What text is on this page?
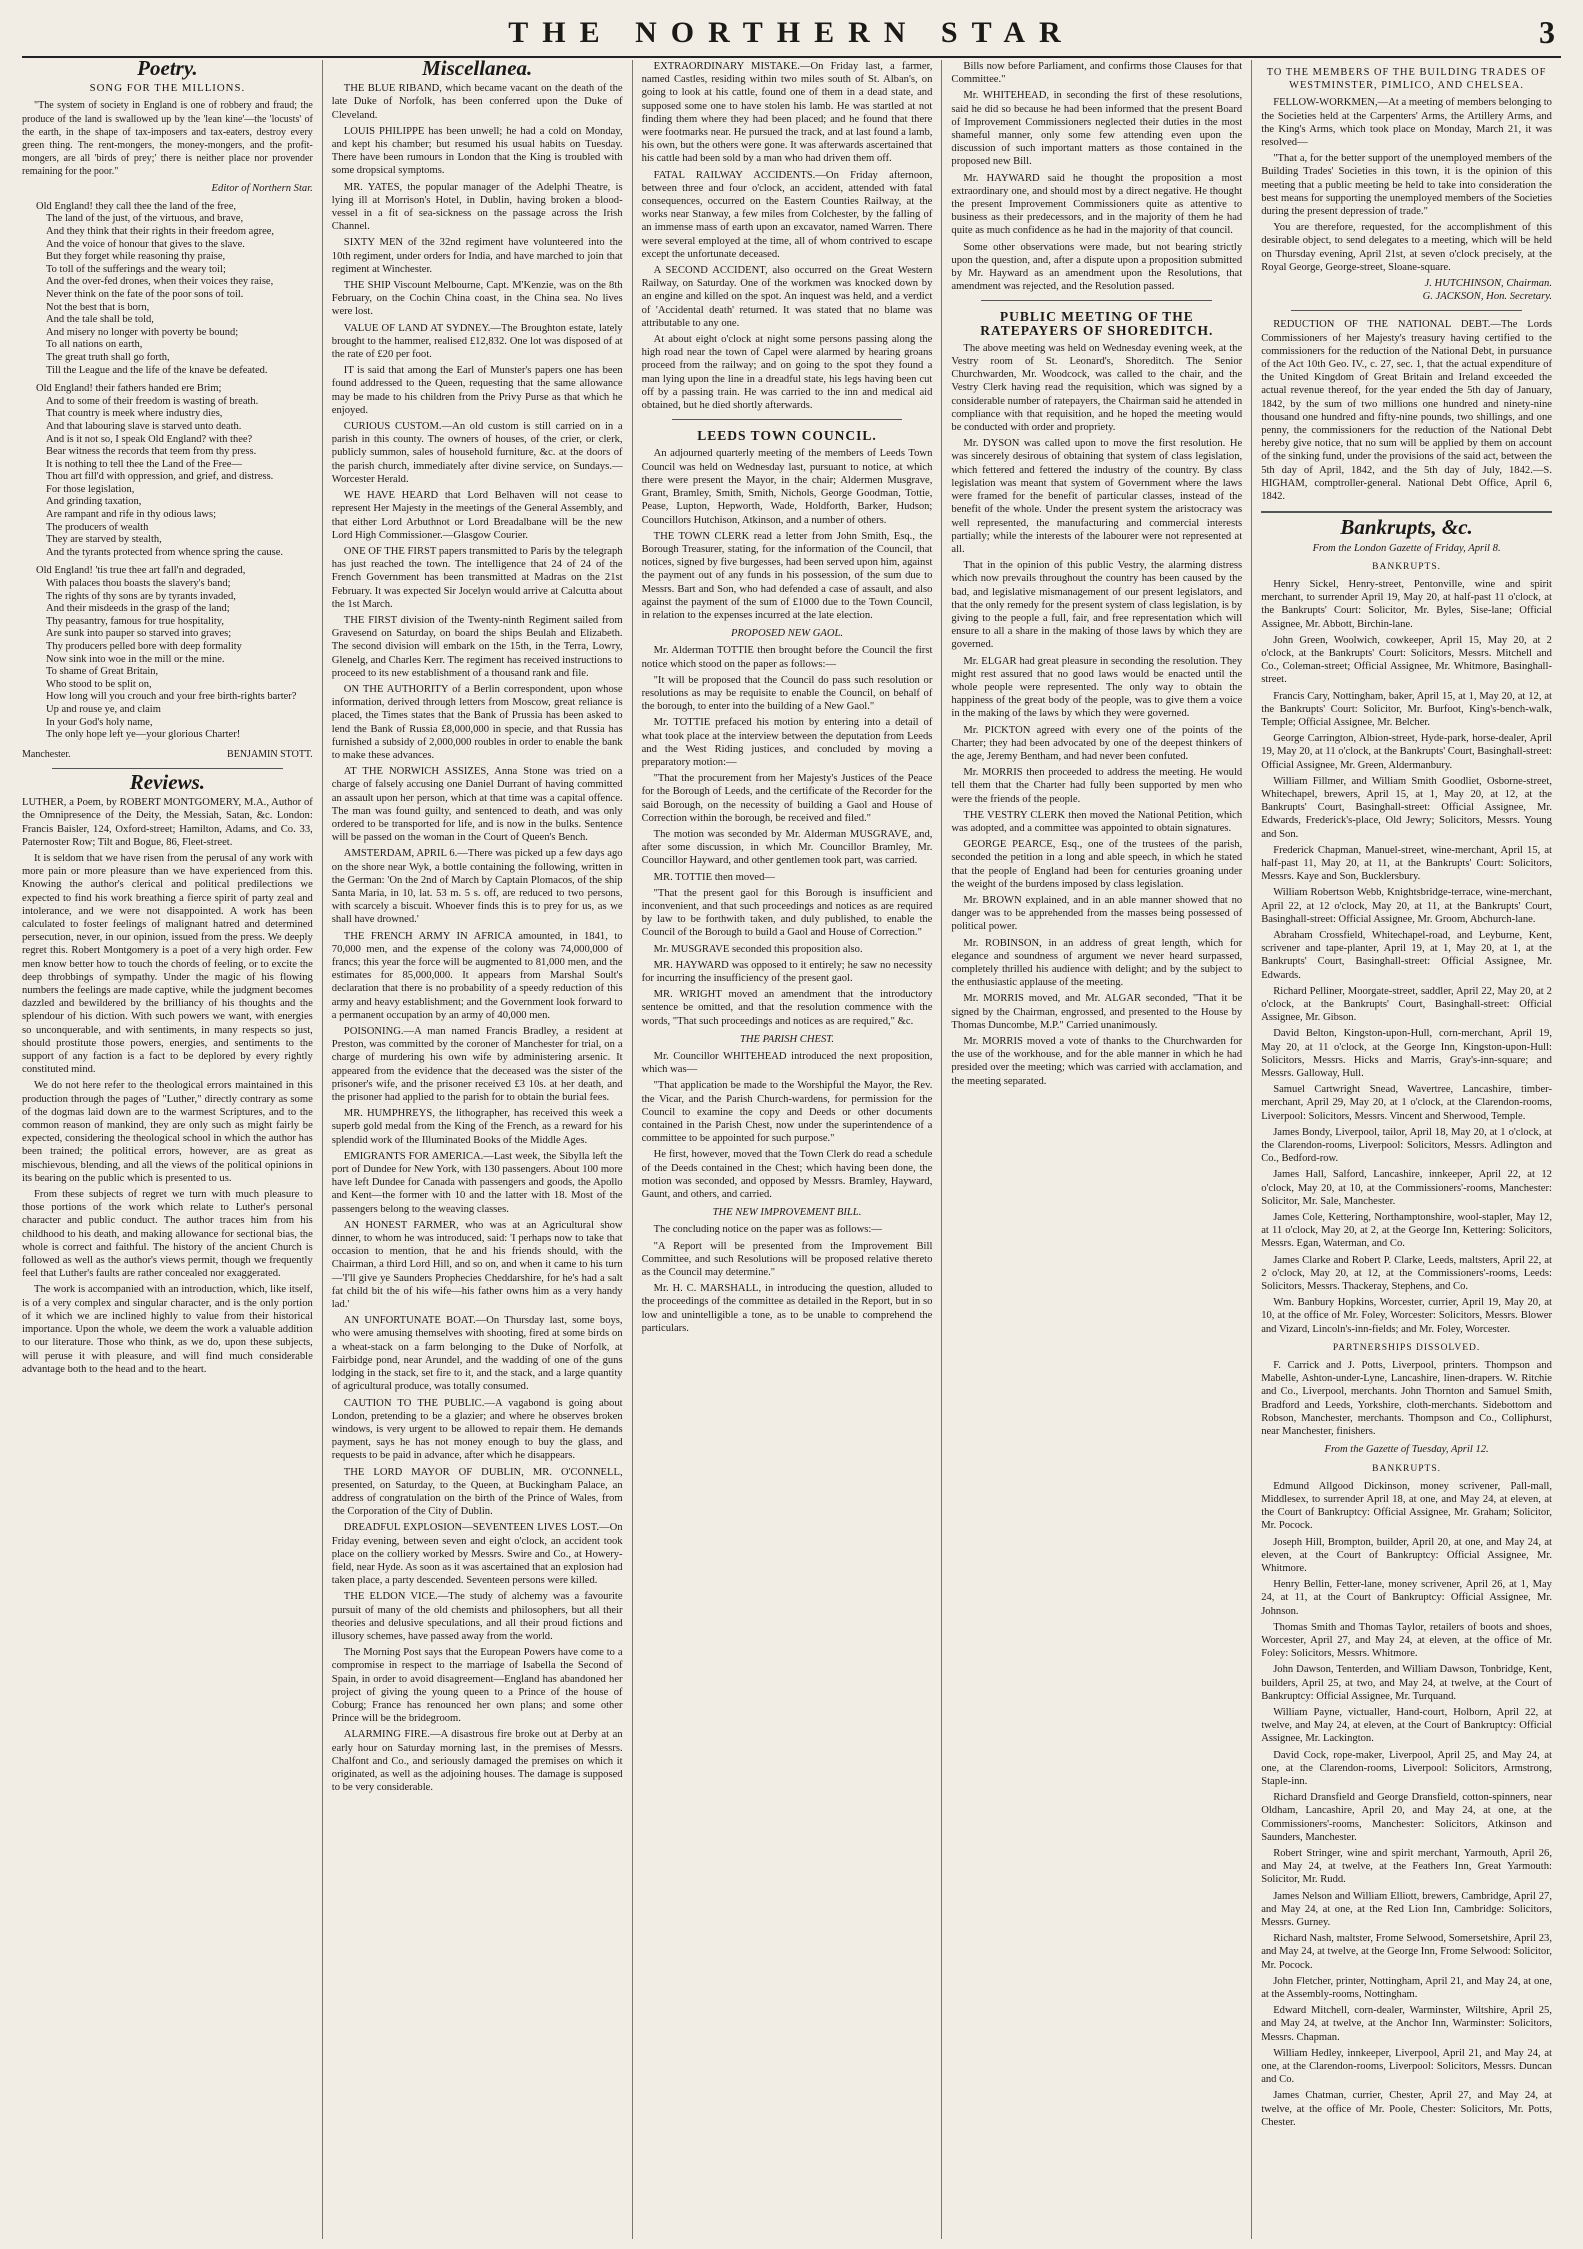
THE NORTHERN STAR	3
Poetry.
SONG FOR THE MILLIONS.

"The system of society in England is one of robbery and fraud; the produce of the land is swallowed up by the 'lean kine'—the 'locusts' of the earth, in the shape of tax-imposers and tax-eaters, destroy every green thing. The rent-mongers, the money-mongers, and the profit-mongers, are all 'birds of prey;' there is neither place nor provender remaining for the poor."

Editor of Northern Star.

Old England! they call thee the land of the free,
The land of the just, of the virtuous, and brave,
And they think that their rights in their freedom agree,
And the voice of honour that gives to the slave.
But they forget while reasoning thy praise,
To toll of the sufferings and the weary toil;
And the over-fed drones, when their voices they raise,
Never think on the fate of the poor sons of toil.
Not the best that is born,
And the tale shall be told,
And misery no longer with poverty be bound;
To all nations on earth,
The great truth shall go forth,
Till the League and the life of the knave be defeated.

Old England! their fathers handed ere Brim;
And to some of their freedom is wasting of breath.
That country is meek where industry dies,
And that labouring slave is starved unto death.
And is it not so, I speak Old England? with thee?
Bear witness the records that teem from thy press.
It is nothing to tell thee the Land of the Free—
Thou art fill'd with oppression, and grief, and distress.
For those legislation,
And grinding taxation,
Are rampant and rife in thy odious laws;
The producers of wealth
They are starved by stealth,
And the tyrants protected from whence spring the cause.

Old England! 'tis true thee art fall'n and degraded,
With palaces thou boasts the slavery's band;
The rights of thy sons are by tyrants invaded,
And their misdeeds in the grasp of the land;
Thy peasantry, famous for true hospitality,
Are sunk into pauper so starved into graves;
Thy producers pelled bore with deep formality
Now sink into woe in the mill or the mine.
To shame of Great Britain,
Who stood to be split on,
How long will you crouch and your free birth-rights barter?
Up and rouse ye, and claim
In your God's holy name,
The only hope left ye—your glorious Charter!

Manchester.	BENJAMIN STOTT.
Reviews.

LUTHER, a Poem, by ROBERT MONTGOMERY, M.A., Author of the Omnipresence of the Deity, the Messiah, Satan, &c. London: Francis Baisler, 124, Oxford-street; Hamilton, Adams, and Co. 33, Paternoster Row; Tilt and Bogue, 86, Fleet-street.

It is seldom that we have risen from the perusal of any work with more pain or more pleasure than we have experienced from this. Knowing the author's clerical and political predilections we expected to find his work breathing a fierce spirit of party zeal and intolerance, and we were not disappointed. A work has been calculated to foster feelings of malignant hatred and determined persecution, never, in our opinion, issued from the press. We deeply regret this. Robert Montgomery is a poet of a very high order. Few men know better how to touch the chords of feeling, or to excite the deep throbbings of sympathy. Under the magic of his flowing numbers the feelings are made captive, while the judgment becomes dazzled and bewildered by the brilliancy of his thoughts and the splendour of his diction. With such powers we want, with energies so unconquerable, and with sentiments, in many respects so just, should prostitute those powers, energies, and sentiments to the support of any faction is a fact to be deplored by every rightly constituted mind.

We do not here refer to the theological errors maintained in this production through the pages of "Luther," directly contrary as some of the dogmas laid down are to the warmest Scriptures, and to the common reason of mankind, they are only such as might fairly be expected, considering the theological school in which the author has been trained; the political errors, however, are as great as mischievous, blending, and all the views of the political opinions in its bearing on the public which is presented to us.

From these subjects of regret we turn with much pleasure to those portions of the work which relate to Luther's personal character and public conduct. The author traces him from his childhood to his death, and making allowance for sectional bias, the whole is correct and faithful. The history of the ancient Church is followed as well as the author's views permit, though we frequently feel that Luther's faults are rather concealed nor exaggerated.

The work is accompanied with an introduction, which, like itself, is of a very complex and singular character, and is the only portion of it which we are inclined highly to value from their historical importance. Upon the whole, we deem the work a valuable addition to our literature. Those who think, as we do, upon these subjects, will peruse it with pleasure, and will find much considerable advantage both to the head and to the heart.

Miscellanea.

THE BLUE RIBAND, which became vacant on the death of the late Duke of Norfolk, has been conferred upon the Duke of Cleveland.

LOUIS PHILIPPE has been unwell; he had a cold on Monday, and kept his chamber; but resumed his usual habits on Tuesday. There have been rumours in London that the King is troubled with some dropsical symptoms.

MR. YATES, the popular manager of the Adelphi Theatre, is lying ill at Morrison's Hotel, in Dublin, having broken a blood-vessel in a fit of sea-sickness on the passage across the Irish Channel.

SIXTY MEN of the 32nd regiment have volunteered into the 10th regiment, under orders for India, and have marched to join that regiment at Winchester.

THE SHIP Viscount Melbourne, Capt. M'Kenzie, was on the 8th February, on the Cochin China coast, in the China sea. No lives were lost.

VALUE OF LAND AT SYDNEY.—The Broughton estate, lately brought to the hammer, realised £12,832. One lot was disposed of at the rate of £20 per foot.

IT is said that among the Earl of Munster's papers one has been found addressed to the Queen, requesting that the same allowance may be made to his children from the Privy Purse as that which he enjoyed.

CURIOUS CUSTOM.—An old custom is still carried on in a parish in this county. The owners of houses, of the crier, or clerk, publicly summon, sales of household furniture, &c. at the doors of the parish church, immediately after divine service, on Sundays.—Worcester Herald.

WE HAVE HEARD that Lord Belhaven will not cease to represent Her Majesty in the meetings of the General Assembly, and that either Lord Arbuthnot or Lord Breadalbane will be the new Lord High Commissioner.—Glasgow Courier.

ONE OF THE FIRST papers transmitted to Paris by the telegraph has just reached the town. The intelligence that 24 of 24 of the French Government has been transmitted at Madras on the 21st February. It was expected Sir Jocelyn would arrive at Calcutta about the 1st March.

THE FIRST division of the Twenty-ninth Regiment sailed from Gravesend on Saturday, on board the ships Beulah and Elizabeth. The second division will embark on the 15th, in the Terra, Lowry, Glenelg, and Charles Kerr. The regiment has received instructions to proceed to its new establishment of a thousand rank and file.

ON THE AUTHORITY of a Berlin correspondent, upon whose information, derived through letters from Moscow, great reliance is placed, the Times states that the Bank of Prussia has been asked to lend the Bank of Russia £8,000,000 in specie, and that Russia has furnished a subsidy of 2,000,000 roubles in order to enable the bank to make these advances.

AT THE NORWICH ASSIZES, Anna Stone was tried on a charge of falsely accusing one Daniel Durrant of having committed an assault upon her person, which at that time was a capital offence. The man was found guilty, and sentenced to death, and was only ordered to be transported for life, and is now in the bulks. Sentence will be passed on the woman in the Court of Queen's Bench.

AMSTERDAM, APRIL 6.—There was picked up a few days ago on the shore near Wyk, a bottle containing the following, written in the German: 'On the 2nd of March by Captain Plomacos, of the ship Santa Maria, in 10, lat. 53 m. 5 s. off, are reduced to two persons, with scarcely a biscuit. Whoever finds this is to prey for us, as we shall have drowned.'

THE FRENCH ARMY IN AFRICA amounted, in 1841, to 70,000 men, and the expense of the colony was 74,000,000 of francs; this year the force will be augmented to 81,000 men, and the estimates for 85,000,000. It appears from Marshal Soult's declaration that there is no probability of a speedy reduction of this army and heavy establishment; and the Government look forward to a permanent occupation by an army of 40,000 men.

POISONING.—A man named Francis Bradley, a resident at Preston, was committed by the coroner of Manchester for trial, on a charge of murdering his own wife by administering arsenic. It appeared from the evidence that the deceased was the sister of the prisoner's wife, and the prisoner received £3 10s. at her death, and the prisoner had applied to the parish for to obtain the burial fees.

MR. HUMPHREYS, the lithographer, has received this week a superb gold medal from the King of the French, as a reward for his splendid work of the Illuminated Books of the Middle Ages.

EMIGRANTS FOR AMERICA.—Last week, the Sibylla left the port of Dundee for New York, with 130 passengers. About 100 more have left Dundee for Canada with passengers and goods, the Apollo and Kent—the former with 10 and the latter with 18. Most of the passengers belong to the weaving classes.

AN HONEST FARMER, who was at an Agricultural show dinner, to whom he was introduced, said: 'I perhaps now to take that occasion to mention, that he and his friends should, with the Chairman, a third Lord Hill, and so on, and when it came to his turn—'I'll give ye Saunders Prophecies Cheddarshire, for he's had a salt fat child bit the of his wife—his father owns him as a very handy lad.'

AN UNFORTUNATE BOAT.—On Thursday last, some boys, who were amusing themselves with shooting, fired at some birds on a wheat-stack on a farm belonging to the Duke of Norfolk, at Fairbidge pond, near Arundel, and the wadding of one of the guns lodging in the stack, set fire to it, and the stack, and a large quantity of agricultural produce, was totally consumed.

CAUTION TO THE PUBLIC.—A vagabond is going about London, pretending to be a glazier; and where he observes broken windows, is very urgent to be allowed to repair them. He demands payment, says he has not money enough to buy the glass, and requests to be paid in advance, after which he disappears.

THE LORD MAYOR OF DUBLIN, MR. O'CONNELL, presented, on Saturday, to the Queen, at Buckingham Palace, an address of congratulation on the birth of the Prince of Wales, from the Corporation of the City of Dublin.

DREADFUL EXPLOSION—SEVENTEEN LIVES LOST.—On Friday evening, between seven and eight o'clock, an accident took place on the colliery worked by Messrs. Swire and Co., at Howery-field, near Hyde. As soon as it was ascertained that an explosion had taken place, a party descended. Seventeen persons were killed.

THE ELDON VICE.—The study of alchemy was a favourite pursuit of many of the old chemists and philosophers, but all their theories and delusive speculations, and all their proud fictions and illusory schemes, have passed away from the world.

The Morning Post says that the European Powers have come to a compromise in respect to the marriage of Isabella the Second of Spain, in order to avoid disagreement—England has abandoned her project of giving the young queen to a Prince of the house of Coburg; France has renounced her own plans; and some other Prince will be the bridegroom.

ALARMING FIRE.—A disastrous fire broke out at Derby at an early hour on Saturday morning last, in the premises of Messrs. Chalfont and Co., and seriously damaged the premises on which it originated, as well as the adjoining houses. The damage is supposed to be very considerable.

EXTRAORDINARY MISTAKE.—On Friday last, a farmer, named Castles, residing within two miles south of St. Alban's, on going to look at his cattle, found one of them in a dead state, and supposed some one to have stolen his lamb. He was startled at not finding them where they had been placed; and he found that there were footmarks near. He pursued the track, and at last found a lamb, his own, but the others were gone. It was afterwards ascertained that his cattle had been sold by a man who had driven them off.

FATAL RAILWAY ACCIDENTS.—On Friday afternoon, between three and four o'clock, an accident, attended with fatal consequences, occurred on the Eastern Counties Railway, at the works near Stanway, a few miles from Colchester, by the falling of an immense mass of earth upon an excavator, named Warren. There were several employed at the time, all of whom contrived to escape except the unfortunate deceased.

A SECOND ACCIDENT, also occurred on the Great Western Railway, on Saturday. One of the workmen was knocked down by an engine and killed on the spot. An inquest was held, and a verdict of 'Accidental death' returned. It was stated that no blame was attributable to any one.

At about eight o'clock at night some persons passing along the high road near the town of Capel were alarmed by hearing groans proceed from the railway; and on going to the spot they found a man lying upon the line in a dreadful state, his legs having been cut off by a passing train. He was carried to the inn and medical aid obtained, but he died shortly afterwards.

LEEDS TOWN COUNCIL.

An adjourned quarterly meeting of the members of Leeds Town Council was held on Wednesday last, pursuant to notice, at which there were present the Mayor, in the chair; Aldermen Musgrave, Grant, Bramley, Smith, Smith, Nichols, George Goodman, Tottie, Pease, Lupton, Hepworth, Wade, Holdforth, Barker, Hudson; Councillors Hutchison, Atkinson, and a number of others.

THE TOWN CLERK read a letter from John Smith, Esq., the Borough Treasurer, stating, for the information of the Council, that notices, signed by five burgesses, had been served upon him, against the payment out of any funds in his possession, of the sum due to Messrs. Bart and Son, who had defended a case of assault, and also against the payment of the sum of £1000 due to the Town Council, in relation to the expenses incurred at the late election.

PROPOSED NEW GAOL.

Mr. Alderman TOTTIE then brought before the Council the first notice which stood on the paper as follows:—

"It will be proposed that the Council do pass such resolution or resolutions as may be requisite to enable the Council, on behalf of the borough, to enter into the building of a New Gaol."

Mr. TOTTIE prefaced his motion by entering into a detail of what took place at the interview between the deputation from Leeds and the West Riding justices, and concluded by moving a preparatory motion:—

"That the procurement from her Majesty's Justices of the Peace for the Borough of Leeds, and the certificate of the Recorder for the said Borough, on the necessity of building a Gaol and House of Correction within the borough, be received and filed."

The motion was seconded by Mr. Alderman MUSGRAVE, and, after some discussion, in which Mr. Councillor Bramley, Mr. Councillor Hayward, and other gentlemen took part, was carried.

MR. TOTTIE then moved—

"That the present gaol for this Borough is insufficient and inconvenient, and that such proceedings and notices as are required by law to be forthwith taken, and duly published, to enable the Council of the Borough to build a Gaol and House of Correction."

Mr. MUSGRAVE seconded this proposition also.

MR. HAYWARD was opposed to it entirely; he saw no necessity for incurring the insufficiency of the present gaol.

MR. WRIGHT moved an amendment that the introductory sentence be omitted, and that the resolution commence with the words, "That such proceedings and notices as are required," &c.

THE PARISH CHEST.

Mr. Councillor WHITEHEAD introduced the next proposition, which was—

"That application be made to the Worshipful the Mayor, the Rev. the Vicar, and the Parish Church-wardens, for permission for the Council to examine the copy and Deeds or other documents contained in the Parish Chest, now under the superintendence of a committee to be appointed for such purpose."

He first, however, moved that the Town Clerk do read a schedule of the Deeds contained in the Chest; which having been done, the motion was seconded, and opposed by Messrs. Bramley, Hayward, Gaunt, and others, and carried.

THE NEW IMPROVEMENT BILL.

The concluding notice on the paper was as follows:—

"A Report will be presented from the Improvement Bill Committee, and such Resolutions will be proposed relative thereto as the Council may determine."

Mr. H. C. MARSHALL, in introducing the question, alluded to the proceedings of the committee as detailed in the Report, but in so low and unintelligible a tone, as to be unable to comprehend the particulars.

Bills now before Parliament, and confirms those Clauses for that Committee."

Mr. WHITEHEAD, in seconding the first of these resolutions, said he did so because he had been informed that the present Board of Improvement Commissioners neglected their duties in the most shameful manner, only some few attending even upon the discussion of such important matters as those contained in the proposed new Bill.

Mr. HAYWARD said he thought the proposition a most extraordinary one, and should most by a direct negative. He thought the present Improvement Commissioners quite as attentive to business as their predecessors, and in the majority of them he had quite as much confidence as he had in the majority of that council.

Some other observations were made, but not bearing strictly upon the question, and, after a dispute upon a proposition submitted by Mr. Hayward as an amendment upon the Resolutions, that amendment was rejected, and the Resolution passed.

PUBLIC MEETING OF THE RATEPAYERS OF SHOREDITCH.

The above meeting was held on Wednesday evening week, at the Vestry room of St. Leonard's, Shoreditch. The Senior Churchwarden, Mr. Woodcock, was called to the chair, and the Vestry Clerk having read the requisition, which was signed by a considerable number of ratepayers, the Chairman said he attended in compliance with that requisition, and he hoped the meeting would be conducted with order and propriety.

Mr. DYSON was called upon to move the first resolution. He was sincerely desirous of obtaining that system of class legislation, which fettered and fettered the industry of the country. By class legislation was meant that system of Government where the laws were framed for the benefit of particular classes, instead of the benefit of the whole. Under the present system the aristocracy was well represented, the manufacturing and commercial interests partially; while the interests of the labourer were not represented at all.

That in the opinion of this public Vestry, the alarming distress which now prevails throughout the country has been caused by the bad, and legislative mismanagement of our present legislators, and that the only remedy for the present system of class legislation, is by giving to the people a full, fair, and free representation which will ensure to all a share in the making of those laws by which they are governed.

Mr. ELGAR had great pleasure in seconding the resolution. They might rest assured that no good laws would be enacted until the whole people were represented. The only way to obtain the happiness of the great body of the people, was to give them a voice in the making of the laws by which they were governed.

Mr. PICKTON agreed with every one of the points of the Charter; they had been advocated by one of the deepest thinkers of the age, Jeremy Bentham, and had never been confuted.

Mr. MORRIS then proceeded to address the meeting. He would tell them that the Charter had fully been supported by men who were the friends of the people.

THE VESTRY CLERK then moved the National Petition, which was adopted, and a committee was appointed to obtain signatures.

GEORGE PEARCE, Esq., one of the trustees of the parish, seconded the petition in a long and able speech, in which he stated that the people of England had been for centuries groaning under the weight of the burdens imposed by class legislation.

Mr. BROWN explained, and in an able manner showed that no danger was to be apprehended from the masses being possessed of political power.

Mr. ROBINSON, in an address of great length, which for elegance and soundness of argument we never heard surpassed, completely thrilled his audience with delight; and by the subject to the enthusiastic applause of the meeting.

Mr. MORRIS moved, and Mr. ALGAR seconded, "That it be signed by the Chairman, engrossed, and presented to the House by Thomas Duncombe, M.P." Carried unanimously.

Mr. MORRIS moved a vote of thanks to the Churchwarden for the use of the workhouse, and for the able manner in which he had presided over the meeting; which was carried with acclamation, and the meeting separated.

TO THE MEMBERS OF THE BUILDING TRADES OF WESTMINSTER, PIMLICO, AND CHELSEA.

FELLOW-WORKMEN,—At a meeting of members belonging to the Societies held at the Carpenters' Arms, the Artillery Arms, and the King's Arms, which took place on Monday, March 21, it was resolved—

"That a, for the better support of the unemployed members of the Building Trades' Societies in this town, it is the opinion of this meeting that a public meeting be held to take into consideration the best means for supporting the unemployed members of the Societies during the present depression of trade."

You are therefore, requested, for the accomplishment of this desirable object, to send delegates to a meeting, which will be held on Thursday evening, April 21st, at seven o'clock precisely, at the Royal George, George-street, Sloane-square.

J. HUTCHINSON, Chairman.
G. JACKSON, Hon. Secretary.

REDUCTION OF THE NATIONAL DEBT.—The Lords Commissioners of her Majesty's treasury having certified to the commissioners for the reduction of the National Debt, in pursuance of the Act 10th Geo. IV., c. 27, sec. 1, that the actual expenditure of the United Kingdom of Great Britain and Ireland exceeded the actual revenue thereof, for the year ended the 5th day of January, 1842, by the sum of two millions one hundred and ninety-nine thousand one hundred and fifty-nine pounds, two shillings, and one penny, the commissioners for the reduction of the National Debt hereby give notice, that no sum will be applied by them on account of the sinking fund, under the provisions of the said act, between the 5th day of April, 1842, and the 5th day of July, 1842.—S. HIGHAM, comptroller-general. National Debt Office, April 6, 1842.

Bankrupts, &c.
From the London Gazette of Friday, April 8.
BANKRUPTS.

Henry Sickel, Henry-street, Pentonville, wine and spirit merchant, to surrender April 19, May 20, at half-past 11 o'clock, at the Bankrupts' Court: Solicitor, Mr. Byles, Sise-lane; Official Assignee, Mr. Abbott, Birchin-lane.

John Green, Woolwich, cowkeeper, April 15, May 20, at 2 o'clock, at the Bankrupts' Court: Solicitors, Messrs. Mitchell and Co., Coleman-street; Official Assignee, Mr. Whitmore, Basinghall-street.

Francis Cary, Nottingham, baker, April 15, at 1, May 20, at 12, at the Bankrupts' Court: Solicitor, Mr. Burfoot, King's-bench-walk, Temple; Official Assignee, Mr. Belcher.

George Carrington, Albion-street, Hyde-park, horse-dealer, April 19, May 20, at 11 o'clock, at the Bankrupts' Court, Basinghall-street: Official Assignee, Mr. Green, Aldermanbury.

William Fillmer, and William Smith Goodliet, Osborne-street, Whitechapel, brewers, April 15, at 1, May 20, at 12, at the Bankrupts' Court, Basinghall-street: Official Assignee, Mr. Edwards, Frederick's-place, Old Jewry; Solicitors, Messrs. Young and Son.

Frederick Chapman, Manuel-street, wine-merchant, April 15, at half-past 11, May 20, at 11, at the Bankrupts' Court: Solicitors, Messrs. Kaye and Son, Bucklersbury.

William Robertson Webb, Knightsbridge-terrace, wine-merchant, April 22, at 12 o'clock, May 20, at 11, at the Bankrupts' Court, Basinghall-street: Official Assignee, Mr. Groom, Abchurch-lane.

Abraham Crossfield, Whitechapel-road, and Leyburne, Kent, scrivener and tape-planter, April 19, at 1, May 20, at 1, at the Bankrupts' Court, Basinghall-street: Official Assignee, Mr. Edwards.

Richard Pelliner, Moorgate-street, saddler, April 22, May 20, at 2 o'clock, at the Bankrupts' Court, Basinghall-street: Official Assignee, Mr. Gibson.

David Belton, Kingston-upon-Hull, corn-merchant, April 19, May 20, at 11 o'clock, at the George Inn, Kingston-upon-Hull: Solicitors, Messrs. Hicks and Marris, Gray's-inn-square; and Messrs. Galloway, Hull.

Samuel Cartwright Snead, Wavertree, Lancashire, timber-merchant, April 29, May 20, at 1 o'clock, at the Clarendon-rooms, Liverpool: Solicitors, Messrs. Vincent and Sherwood, Temple.

James Bondy, Liverpool, tailor, April 18, May 20, at 1 o'clock, at the Clarendon-rooms, Liverpool: Solicitors, Messrs. Adlington and Co., Bedford-row.

James Hall, Salford, Lancashire, innkeeper, April 22, at 12 o'clock, May 20, at 10, at the Commissioners'-rooms, Manchester: Solicitor, Mr. Sale, Manchester.

James Cole, Kettering, Northamptonshire, wool-stapler, May 12, at 11 o'clock, May 20, at 2, at the George Inn, Kettering: Solicitors, Messrs. Egan, Waterman, and Co.

James Clarke and Robert P. Clarke, Leeds, maltsters, April 22, at 2 o'clock, May 20, at 12, at the Commissioners'-rooms, Leeds: Solicitors, Messrs. Thackeray, Stephens, and Co.

Wm. Banbury Hopkins, Worcester, currier, April 19, May 20, at 10, at the office of Mr. Foley, Worcester: Solicitors, Messrs. Blower and Vizard, Lincoln's-inn-fields; and Mr. Foley, Worcester.

PARTNERSHIPS DISSOLVED.

F. Carrick and J. Potts, Liverpool, printers. Thompson and Mabelle, Ashton-under-Lyne, Lancashire, linen-drapers. W. Ritchie and Co., Liverpool, merchants. John Thornton and Samuel Smith, Bradford and Leeds, Yorkshire, cloth-merchants. Sidebottom and Robson, Manchester, merchants. Thompson and Co., Colliphurst, near Manchester, finishers.

From the Gazette of Tuesday, April 12.
BANKRUPTS.

Edmund Allgood Dickinson, money scrivener, Pall-mall, Middlesex, to surrender April 18, at one, and May 24, at eleven, at the Court of Bankruptcy: Official Assignee, Mr. Graham; Solicitor, Mr. Pocock.

Joseph Hill, Brompton, builder, April 20, at one, and May 24, at eleven, at the Court of Bankruptcy: Official Assignee, Mr. Whitmore.

Henry Bellin, Fetter-lane, money scrivener, April 26, at 1, May 24, at 11, at the Court of Bankruptcy: Official Assignee, Mr. Johnson.

Thomas Smith and Thomas Taylor, retailers of boots and shoes, Worcester, April 27, and May 24, at eleven, at the office of Mr. Foley: Solicitors, Messrs. Whitmore.

John Dawson, Tenterden, and William Dawson, Tonbridge, Kent, builders, April 25, at two, and May 24, at twelve, at the Court of Bankruptcy: Official Assignee, Mr. Turquand.

William Payne, victualler, Hand-court, Holborn, April 22, at twelve, and May 24, at eleven, at the Court of Bankruptcy: Official Assignee, Mr. Lackington.

David Cock, rope-maker, Liverpool, April 25, and May 24, at one, at the Clarendon-rooms, Liverpool: Solicitors, Armstrong, Staple-inn.

Richard Dransfield and George Dransfield, cotton-spinners, near Oldham, Lancashire, April 20, and May 24, at one, at the Commissioners'-rooms, Manchester: Solicitors, Atkinson and Saunders, Manchester.

Robert Stringer, wine and spirit merchant, Yarmouth, April 26, and May 24, at twelve, at the Feathers Inn, Great Yarmouth: Solicitor, Mr. Rudd.

James Nelson and William Elliott, brewers, Cambridge, April 27, and May 24, at one, at the Red Lion Inn, Cambridge: Solicitors, Messrs. Gurney.

Richard Nash, maltster, Frome Selwood, Somersetshire, April 23, and May 24, at twelve, at the George Inn, Frome Selwood: Solicitor, Mr. Pocock.

John Fletcher, printer, Nottingham, April 21, and May 24, at one, at the Assembly-rooms, Nottingham.

Edward Mitchell, corn-dealer, Warminster, Wiltshire, April 25, and May 24, at twelve, at the Anchor Inn, Warminster: Solicitors, Messrs. Chapman.

William Hedley, innkeeper, Liverpool, April 21, and May 24, at one, at the Clarendon-rooms, Liverpool: Solicitors, Messrs. Duncan and Co.

James Chatman, currier, Chester, April 27, and May 24, at twelve, at the office of Mr. Poole, Chester: Solicitors, Mr. Potts, Chester.
